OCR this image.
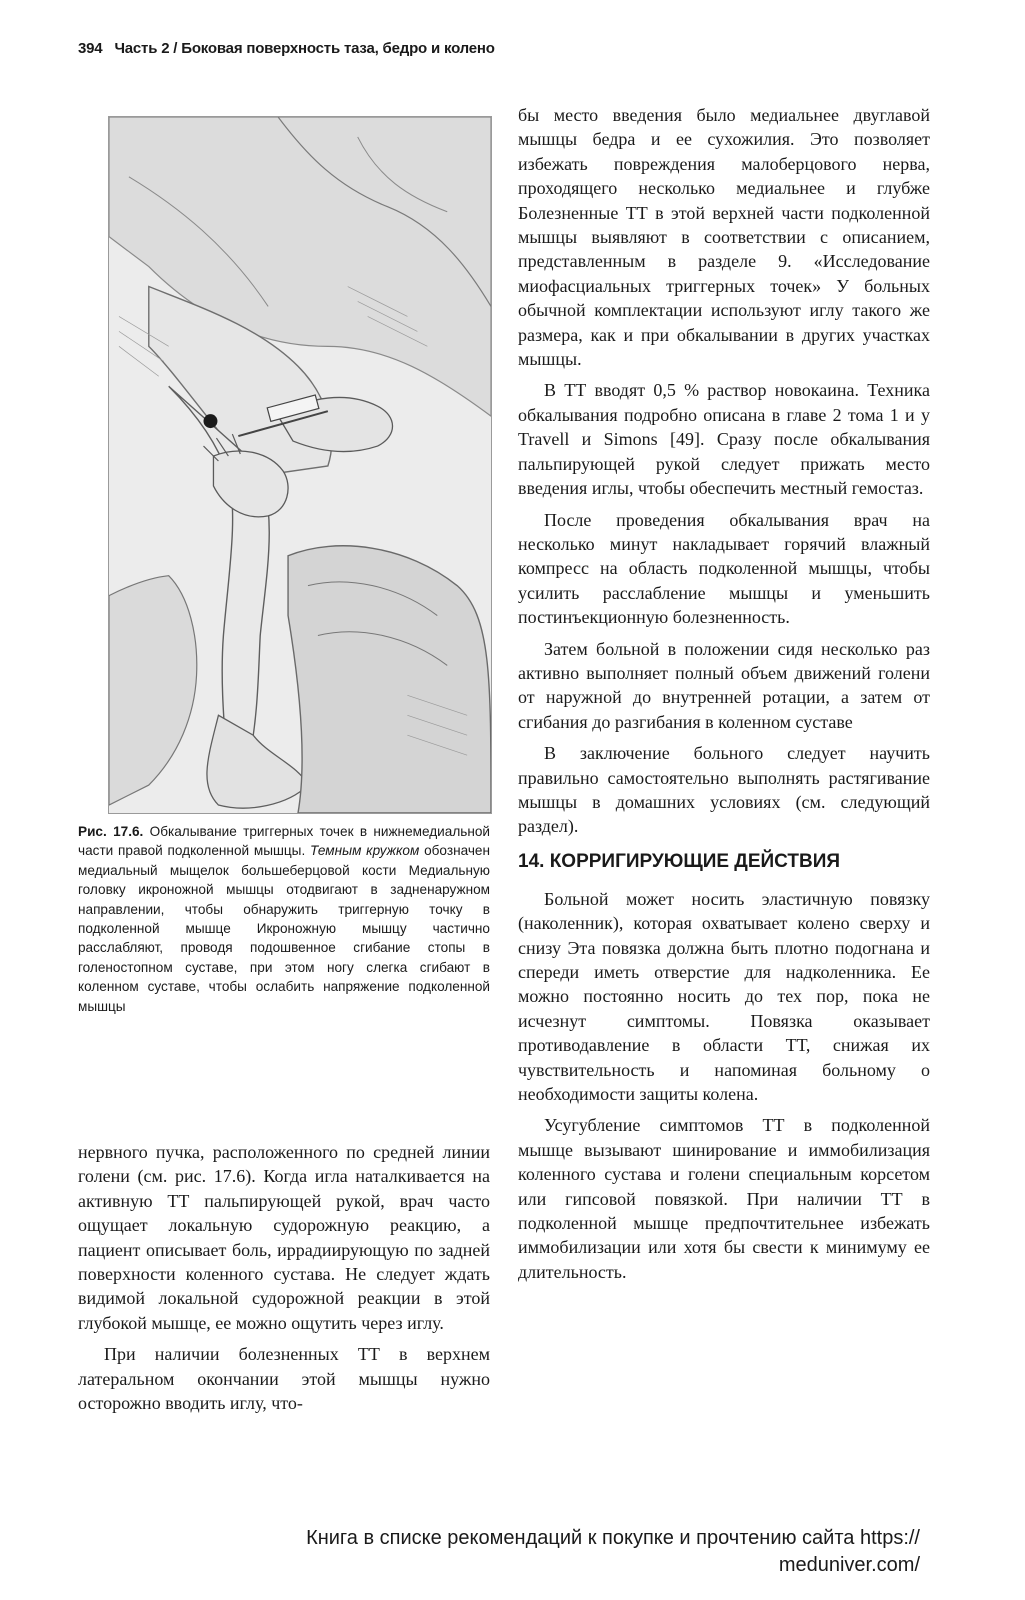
394 Часть 2 / Боковая поверхность таза, бедро и колено

Рис. 17.6. Обкалывание триггерных точек в нижнемедиальной части правой подколенной мышцы. Темным кружком обозначен медиальный мыщелок большеберцовой кости Медиальную головку икроножной мышцы отодвигают в задненаружном направлении, чтобы обнаружить триггерную точку в подколенной мышце Икроножную мышцу частично расслабляют, проводя подошвенное сгибание стопы в голеностопном суставе, при этом ногу слегка сгибают в коленном суставе, чтобы ослабить напряжение подколенной мышцы

нервного пучка, расположенного по средней линии голени (см. рис. 17.6). Когда игла наталкивается на активную ТТ пальпирующей рукой, врач часто ощущает локальную судорожную реакцию, а пациент описывает боль, иррадиирующую по задней поверхности коленного сустава. Не следует ждать видимой локальной судорожной реакции в этой глубокой мышце, ее можно ощутить через иглу.

При наличии болезненных ТТ в верхнем латеральном окончании этой мышцы нужно осторожно вводить иглу, что-

бы место введения было медиальнее двуглавой мышцы бедра и ее сухожилия. Это позволяет избежать повреждения малоберцового нерва, проходящего несколько медиальнее и глубже Болезненные ТТ в этой верхней части подколенной мышцы выявляют в соответствии с описанием, представленным в разделе 9. «Исследование миофасциальных триггерных точек» У больных обычной комплектации используют иглу такого же размера, как и при обкалывании в других участках мышцы.

В ТТ вводят 0,5 % раствор новокаина. Техника обкалывания подробно описана в главе 2 тома 1 и у Travell и Simons [49]. Сразу после обкалывания пальпирующей рукой следует прижать место введения иглы, чтобы обеспечить местный гемостаз.

После проведения обкалывания врач на несколько минут накладывает горячий влажный компресс на область подколенной мышцы, чтобы усилить расслабление мышцы и уменьшить постинъекционную болезненность.

Затем больной в положении сидя несколько раз активно выполняет полный объем движений голени от наружной до внутренней ротации, а затем от сгибания до разгибания в коленном суставе

В заключение больного следует научить правильно самостоятельно выполнять растягивание мышцы в домашних условиях (см. следующий раздел).

14. КОРРИГИРУЮЩИЕ ДЕЙСТВИЯ

Больной может носить эластичную повязку (наколенник), которая охватывает колено сверху и снизу Эта повязка должна быть плотно подогнана и спереди иметь отверстие для надколенника. Ее можно постоянно носить до тех пор, пока не исчезнут симптомы. Повязка оказывает противодавление в области ТТ, снижая их чувствительность и напоминая больному о необходимости защиты колена.

Усугубление симптомов ТТ в подколенной мышце вызывают шинирование и иммобилизация коленного сустава и голени специальным корсетом или гипсовой повязкой. При наличии ТТ в подколенной мышце предпочтительнее избежать иммобилизации или хотя бы свести к минимуму ее длительность.

Книга в списке рекомендаций к покупке и прочтению сайта https://
meduniver.com/
